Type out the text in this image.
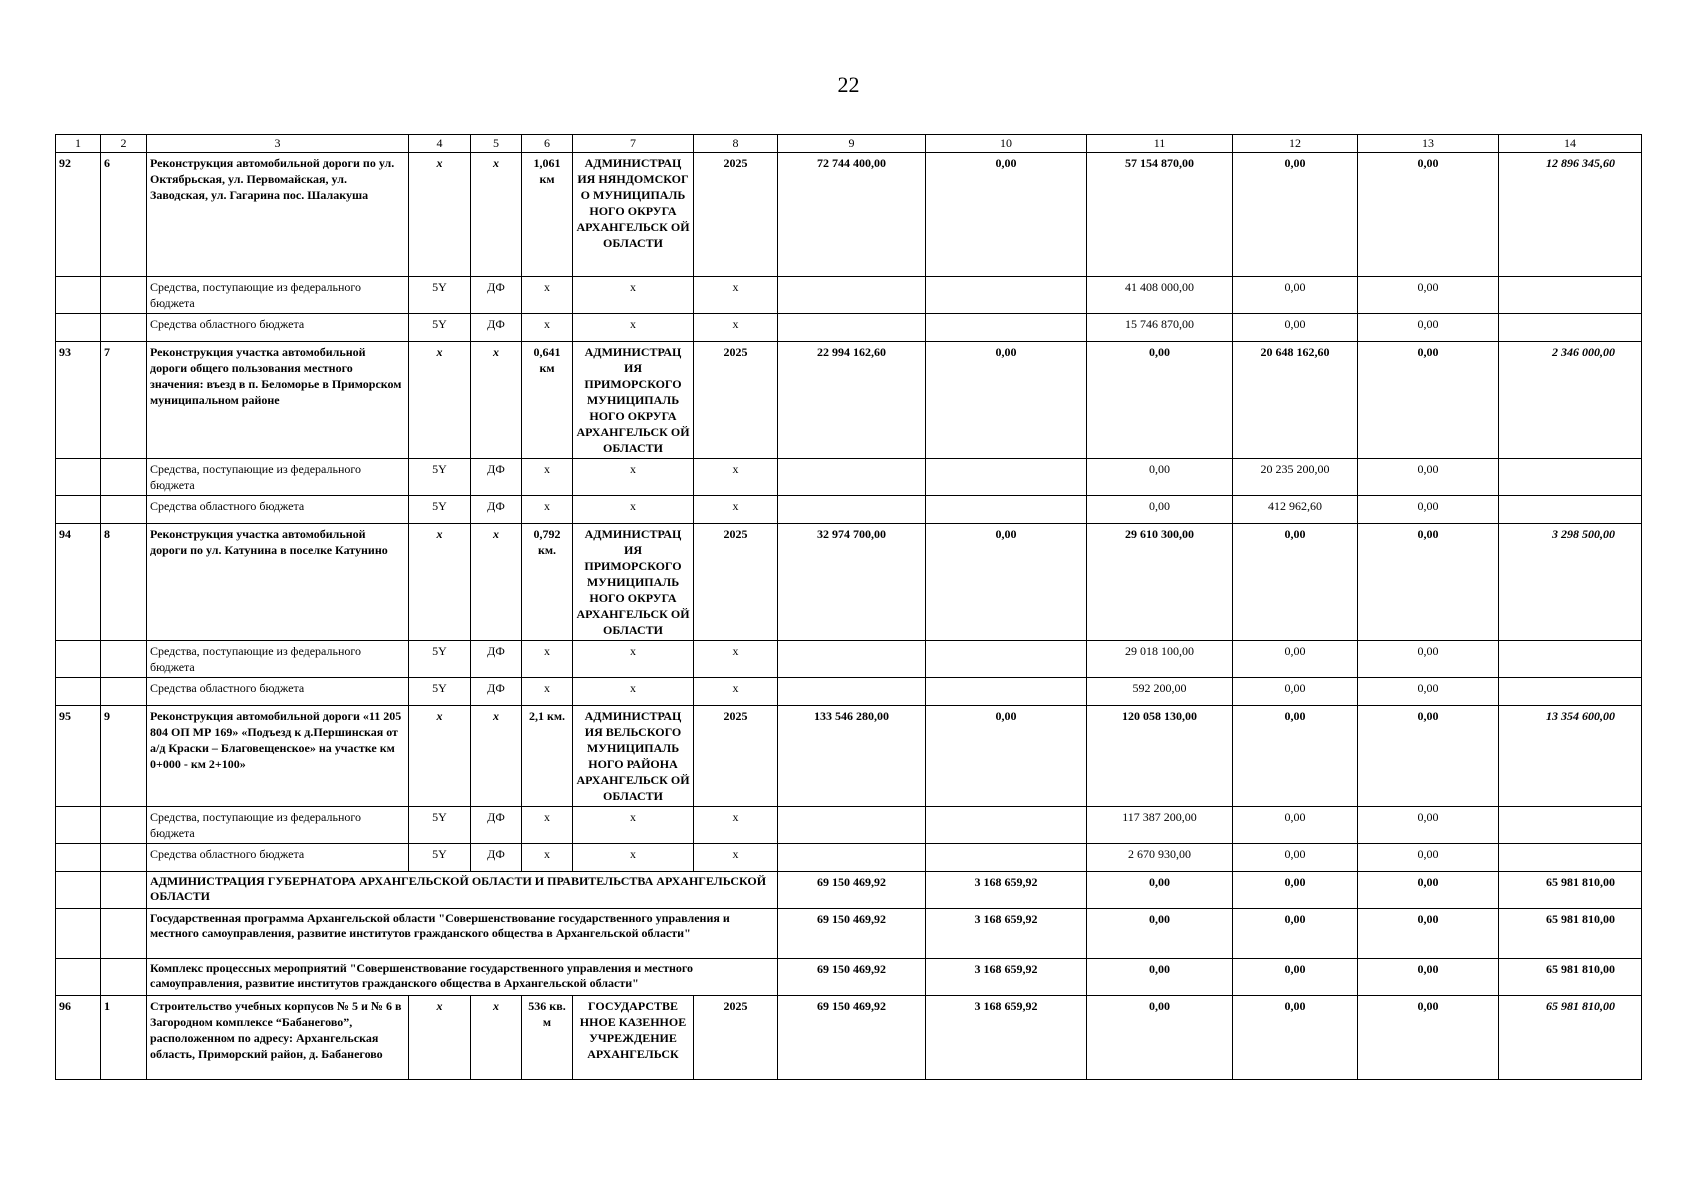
22
1	2	3	4	5	6	7	8	9	10	11	12	13	14
92	6	Реконструкция автомобильной дороги по ул. Октябрьская, ул. Первомайская, ул. Заводская, ул. Гагарина пос. Шалакуша	x	x	1,061 км	АДМИНИСТРАЦ ИЯ НЯНДОМСКОГ О МУНИЦИПАЛЬ НОГО ОКРУГА АРХАНГЕЛЬСК ОЙ ОБЛАСТИ	2025	72 744 400,00	0,00	57 154 870,00	0,00	0,00	12 896 345,60
		Средства, поступающие из федерального бюджета	5Y	ДФ	x	x	x			41 408 000,00	0,00	0,00	
		Средства областного бюджета	5Y	ДФ	x	x	x			15 746 870,00	0,00	0,00	
93	7	Реконструкция участка автомобильной дороги общего пользования местного значения: въезд в п. Беломорье в Приморском муниципальном районе	x	x	0,641 км	АДМИНИСТРАЦ ИЯ ПРИМОРСКОГО МУНИЦИПАЛЬ НОГО ОКРУГА АРХАНГЕЛЬСК ОЙ ОБЛАСТИ	2025	22 994 162,60	0,00	0,00	20 648 162,60	0,00	2 346 000,00
		Средства, поступающие из федерального бюджета	5Y	ДФ	x	x	x			0,00	20 235 200,00	0,00	
		Средства областного бюджета	5Y	ДФ	x	x	x			0,00	412 962,60	0,00	
94	8	Реконструкция участка автомобильной дороги по ул. Катунина в поселке Катунино	x	x	0,792 км.	АДМИНИСТРАЦ ИЯ ПРИМОРСКОГО МУНИЦИПАЛЬ НОГО ОКРУГА АРХАНГЕЛЬСК ОЙ ОБЛАСТИ	2025	32 974 700,00	0,00	29 610 300,00	0,00	0,00	3 298 500,00
		Средства, поступающие из федерального бюджета	5Y	ДФ	x	x	x			29 018 100,00	0,00	0,00	
		Средства областного бюджета	5Y	ДФ	x	x	x			592 200,00	0,00	0,00	
95	9	Реконструкция автомобильной дороги «11 205 804 ОП МР 169» «Подъезд к д.Першинская от а/д Краски – Благовещенское» на участке км 0+000 - км 2+100»	x	x	2,1 км.	АДМИНИСТРАЦ ИЯ ВЕЛЬСКОГО МУНИЦИПАЛЬ НОГО РАЙОНА АРХАНГЕЛЬСК ОЙ ОБЛАСТИ	2025	133 546 280,00	0,00	120 058 130,00	0,00	0,00	13 354 600,00
		Средства, поступающие из федерального бюджета	5Y	ДФ	x	x	x			117 387 200,00	0,00	0,00	
		Средства областного бюджета	5Y	ДФ	x	x	x			2 670 930,00	0,00	0,00	
		АДМИНИСТРАЦИЯ ГУБЕРНАТОРА АРХАНГЕЛЬСКОЙ ОБЛАСТИ И ПРАВИТЕЛЬСТВА АРХАНГЕЛЬСКОЙ ОБЛАСТИ						69 150 469,92	3 168 659,92	0,00	0,00	0,00	65 981 810,00
		Государственная программа Архангельской области "Совершенствование государственного управления и местного самоуправления, развитие институтов гражданского общества в Архангельской области"						69 150 469,92	3 168 659,92	0,00	0,00	0,00	65 981 810,00
		Комплекс процессных мероприятий "Совершенствование государственного управления и местного самоуправления, развитие институтов гражданского общества в Архангельской области"						69 150 469,92	3 168 659,92	0,00	0,00	0,00	65 981 810,00
96	1	Строительство учебных корпусов № 5 и № 6 в Загородном комплексе “Бабанегово”, расположенном по адресу: Архангельская область, Приморский район, д. Бабанегово	x	x	536 кв. м	ГОСУДАРСТВЕ ННОЕ КАЗЕННОЕ УЧРЕЖДЕНИЕ АРХАНГЕЛЬСК	2025	69 150 469,92	3 168 659,92	0,00	0,00	0,00	65 981 810,00
